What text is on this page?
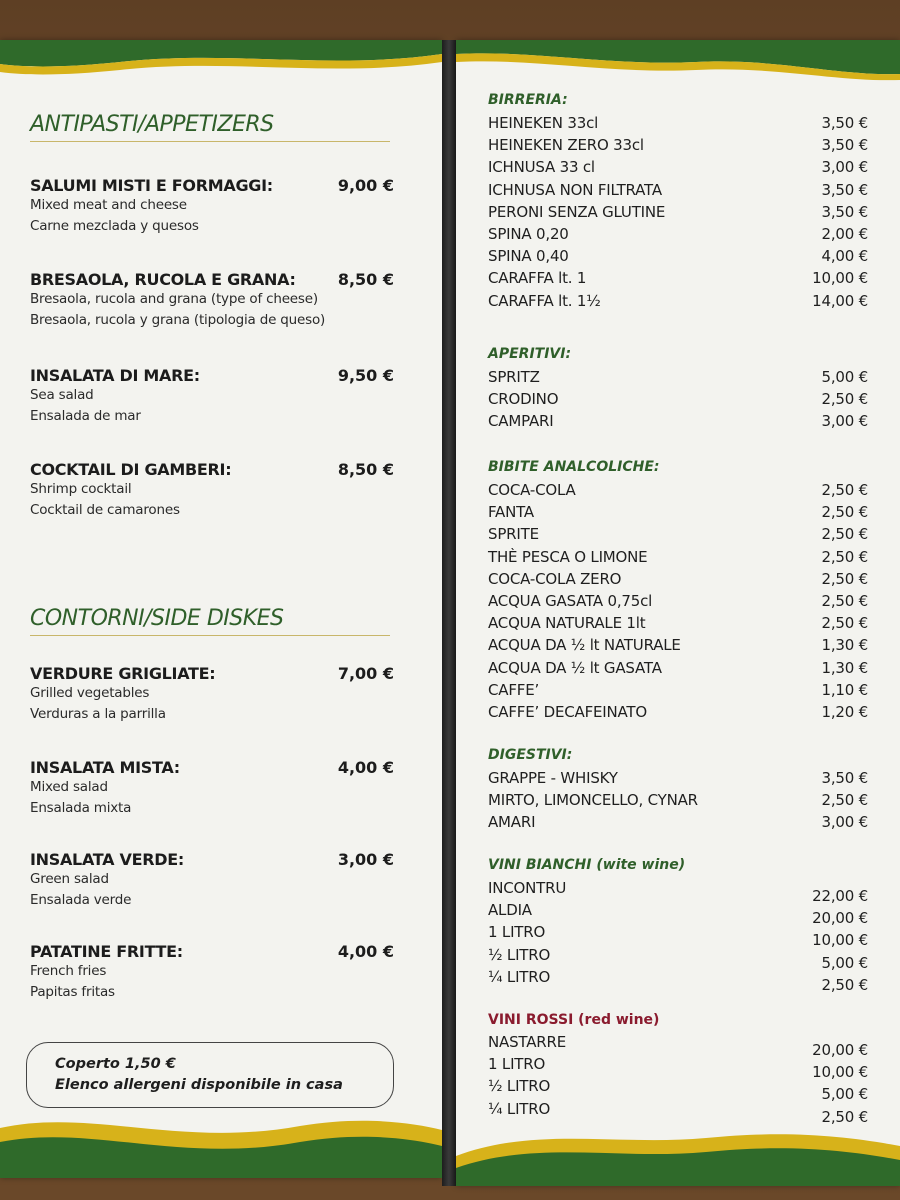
ANTIPASTI/APPETIZERS
SALUMI MISTI E FORMAGGI:	9,00 €
Mixed meat and cheese
Carne mezclada y quesos
BRESAOLA, RUCOLA E GRANA:	8,50 €
Bresaola, rucola and grana (type of cheese)
Bresaola, rucola y grana (tipologia de queso)
INSALATA DI MARE:	9,50 €
Sea salad
Ensalada de mar
COCKTAIL DI GAMBERI:	8,50 €
Shrimp cocktail
Cocktail de camarones
CONTORNI/SIDE DISKES
VERDURE GRIGLIATE:	7,00 €
Grilled vegetables
Verduras a la parrilla
INSALATA MISTA:	4,00 €
Mixed salad
Ensalada mixta
INSALATA VERDE:	3,00 €
Green salad
Ensalada verde
PATATINE FRITTE:	4,00 €
French fries
Papitas fritas
Coperto 1,50 €
Elenco allergeni disponibile in casa
BIRRERIA:
HEINEKEN 33cl	3,50 €
HEINEKEN ZERO 33cl	3,50 €
ICHNUSA 33 cl	3,00 €
ICHNUSA NON FILTRATA	3,50 €
PERONI SENZA GLUTINE	3,50 €
SPINA 0,20	2,00 €
SPINA 0,40	4,00 €
CARAFFA lt. 1	10,00 €
CARAFFA lt. 1½	14,00 €
APERITIVI:
SPRITZ	5,00 €
CRODINO	2,50 €
CAMPARI	3,00 €
BIBITE ANALCOLICHE:
COCA-COLA	2,50 €
FANTA	2,50 €
SPRITE	2,50 €
THÈ PESCA O LIMONE	2,50 €
COCA-COLA ZERO	2,50 €
ACQUA GASATA 0,75cl	2,50 €
ACQUA NATURALE 1lt	2,50 €
ACQUA DA ½ lt NATURALE	1,30 €
ACQUA DA ½ lt GASATA	1,30 €
CAFFE’	1,10 €
CAFFE’ DECAFEINATO	1,20 €
DIGESTIVI:
GRAPPE - WHISKY	3,50 €
MIRTO, LIMONCELLO, CYNAR	2,50 €
AMARI	3,00 €
VINI BIANCHI (wite wine)
INCONTRU	22,00 €
ALDIA	20,00 €
1 LITRO	10,00 €
½ LITRO	5,00 €
¼ LITRO	2,50 €
VINI ROSSI (red wine)
NASTARRE	20,00 €
1 LITRO	10,00 €
½ LITRO	5,00 €
¼ LITRO	2,50 €
